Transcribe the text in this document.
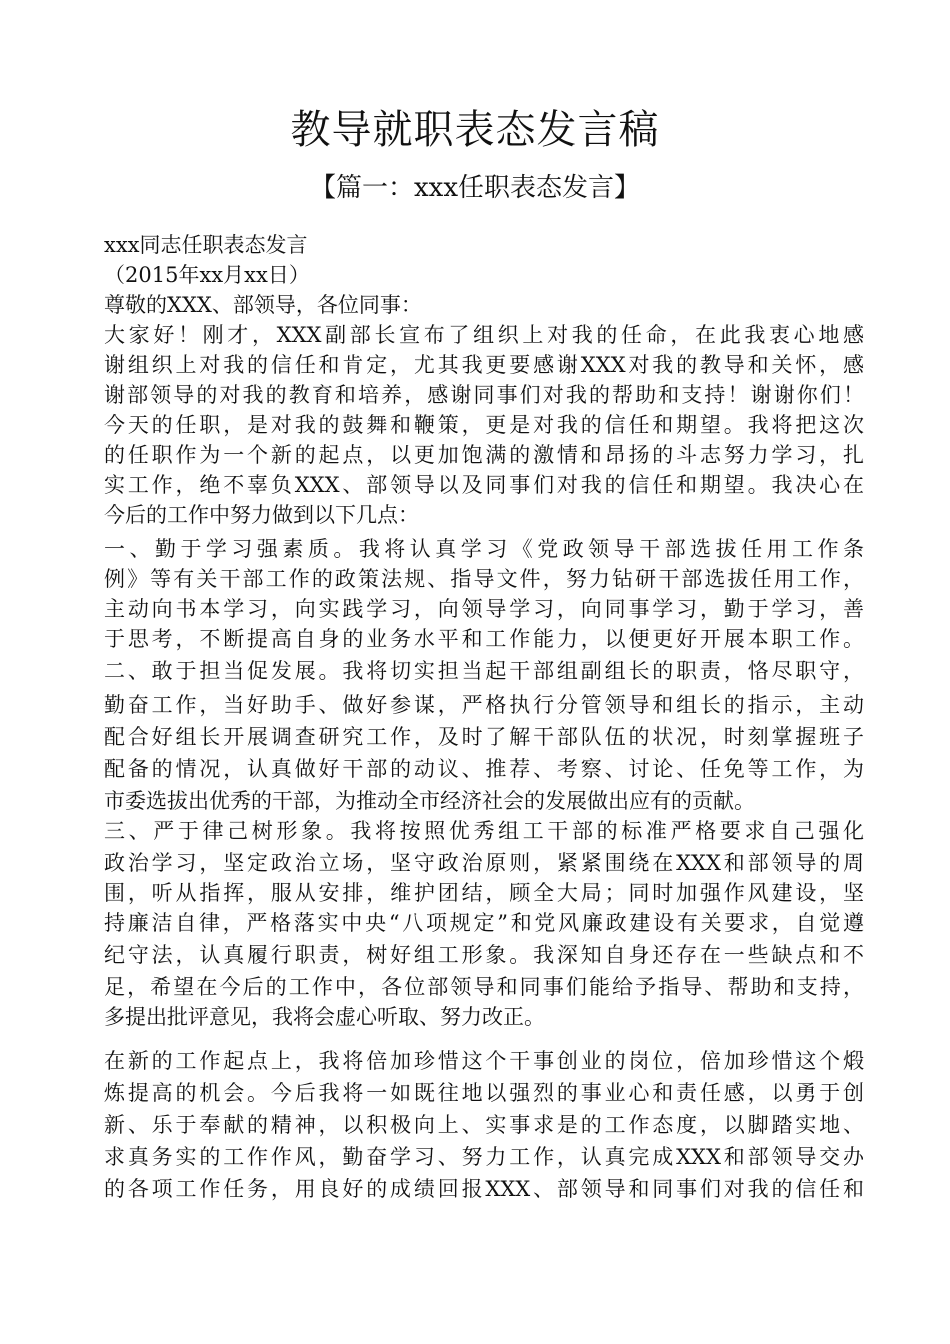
教导就职表态发言稿
【篇一：xxx任职表态发言】

xxx同志任职表态发言

（2015年xx月xx日）

尊敬的XXX、部领导，各位同事：

大家好！刚才，XXX副部长宣布了组织上对我的任命，在此我衷心地感

谢组织上对我的信任和肯定，尤其我更要感谢XXX对我的教导和关怀，感

谢部领导的对我的教育和培养，感谢同事们对我的帮助和支持！谢谢你们！

今天的任职，是对我的鼓舞和鞭策，更是对我的信任和期望。我将把这次

的任职作为一个新的起点，以更加饱满的激情和昂扬的斗志努力学习，扎

实工作，绝不辜负XXX、部领导以及同事们对我的信任和期望。我决心在

今后的工作中努力做到以下几点：

一、勤于学习强素质。我将认真学习《党政领导干部选拔任用工作条

例》等有关干部工作的政策法规、指导文件，努力钻研干部选拔任用工作，

主动向书本学习，向实践学习，向领导学习，向同事学习，勤于学习，善

于思考，不断提高自身的业务水平和工作能力，以便更好开展本职工作。

二、敢于担当促发展。我将切实担当起干部组副组长的职责，恪尽职守，

勤奋工作，当好助手、做好参谋，严格执行分管领导和组长的指示，主动

配合好组长开展调查研究工作，及时了解干部队伍的状况，时刻掌握班子

配备的情况，认真做好干部的动议、推荐、考察、讨论、任免等工作，为

市委选拔出优秀的干部，为推动全市经济社会的发展做出应有的贡献。

三、严于律己树形象。我将按照优秀组工干部的标准严格要求自己强化

政治学习，坚定政治立场，坚守政治原则，紧紧围绕在XXX和部领导的周

围，听从指挥，服从安排，维护团结，顾全大局；同时加强作风建设，坚

持廉洁自律，严格落实中央“八项规定”和党风廉政建设有关要求，自觉遵

纪守法，认真履行职责，树好组工形象。我深知自身还存在一些缺点和不

足，希望在今后的工作中，各位部领导和同事们能给予指导、帮助和支持，

多提出批评意见，我将会虚心听取、努力改正。

在新的工作起点上，我将倍加珍惜这个干事创业的岗位，倍加珍惜这个煅

炼提高的机会。今后我将一如既往地以强烈的事业心和责任感，以勇于创

新、乐于奉献的精神，以积极向上、实事求是的工作态度，以脚踏实地、

求真务实的工作作风，勤奋学习、努力工作，认真完成XXX和部领导交办

的各项工作任务，用良好的成绩回报XXX、部领导和同事们对我的信任和
